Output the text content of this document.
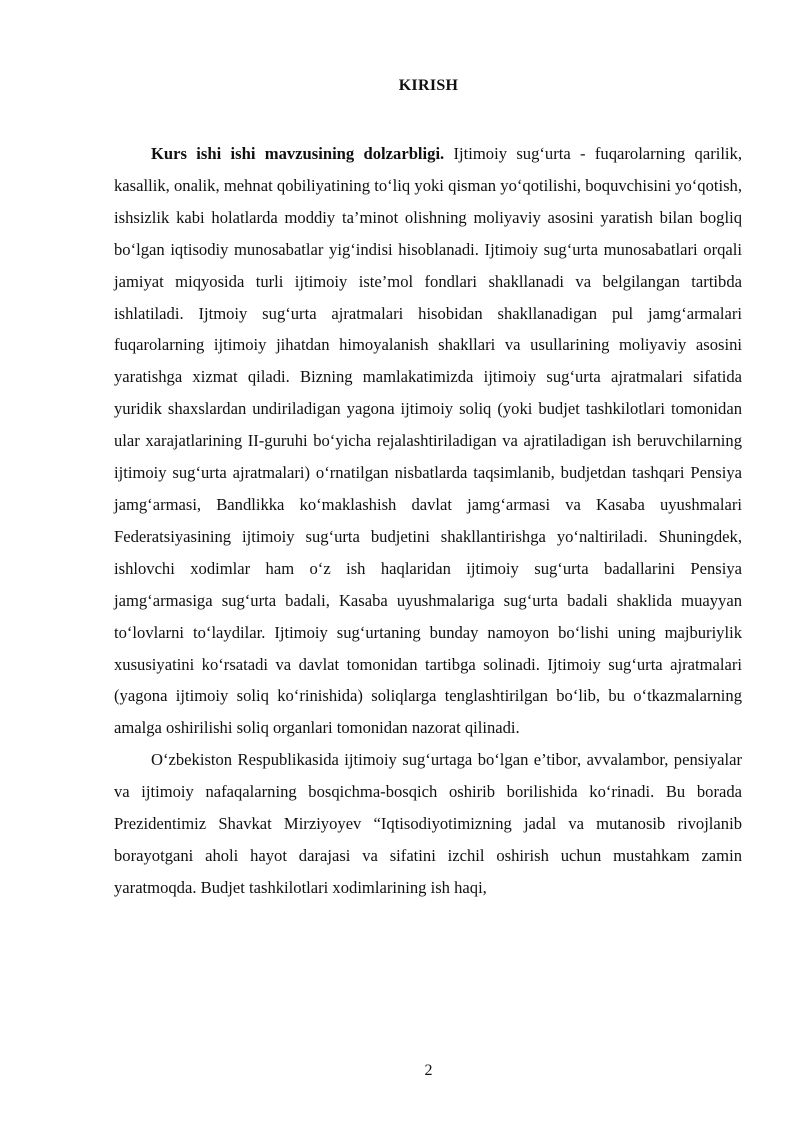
KIRISH

Kurs ishi ishi mavzusining dolzarbligi. Ijtimoiy sug‘urta - fuqarolarning qarilik, kasallik, onalik, mehnat qobiliyatining to‘liq yoki qisman yo‘qotilishi, boquvchisini yo‘qotish, ishsizlik kabi holatlarda moddiy ta’minot olishning moliyaviy asosini yaratish bilan bogliq bo‘lgan iqtisodiy munosabatlar yig‘indisi hisoblanadi. Ijtimoiy sug‘urta munosabatlari orqali jamiyat miqyosida turli ijtimoiy iste’mol fondlari shakllanadi va belgilangan tartibda ishlatiladi. Ijtmoiy sug‘urta ajratmalari hisobidan shakllanadigan pul jamg‘armalari fuqarolarning ijtimoiy jihatdan himoyalanish shakllari va usullarining moliyaviy asosini yaratishga xizmat qiladi. Bizning mamlakatimizda ijtimoiy sug‘urta ajratmalari sifatida yuridik shaxslardan undiriladigan yagona ijtimoiy soliq (yoki budjet tashkilotlari tomonidan ular xarajatlarining II-guruhi bo‘yicha rejalashtiriladigan va ajratiladigan ish beruvchilarning ijtimoiy sug‘urta ajratmalari) o‘rnatilgan nisbatlarda taqsimlanib, budjetdan tashqari Pensiya jamg‘armasi, Bandlikka ko‘maklashish davlat jamg‘armasi va Kasaba uyushmalari Federatsiyasining ijtimoiy sug‘urta budjetini shakllantirishga yo‘naltiriladi. Shuningdek, ishlovchi xodimlar ham o‘z ish haqlaridan ijtimoiy sug‘urta badallarini Pensiya jamg‘armasiga sug‘urta badali, Kasaba uyushmalariga sug‘urta badali shaklida muayyan to‘lovlarni to‘laydilar. Ijtimoiy sug‘urtaning bunday namoyon bo‘lishi uning majburiylik xususiyatini ko‘rsatadi va davlat tomonidan tartibga solinadi. Ijtimoiy sug‘urta ajratmalari (yagona ijtimoiy soliq ko‘rinishida) soliqlarga tenglashtirilgan bo‘lib, bu o‘tkazmalarning amalga oshirilishi soliq organlari tomonidan nazorat qilinadi.

O‘zbekiston Respublikasida ijtimoiy sug‘urtaga bo‘lgan e’tibor, avvalambor, pensiyalar va ijtimoiy nafaqalarning bosqichma-bosqich oshirib borilishida ko‘rinadi. Bu borada Prezidentimiz Shavkat Mirziyoyev “Iqtisodiyotimizning jadal va mutanosib rivojlanib borayotgani aholi hayot darajasi va sifatini izchil oshirish uchun mustahkam zamin yaratmoqda. Budjet tashkilotlari xodimlarining ish haqi,

2
